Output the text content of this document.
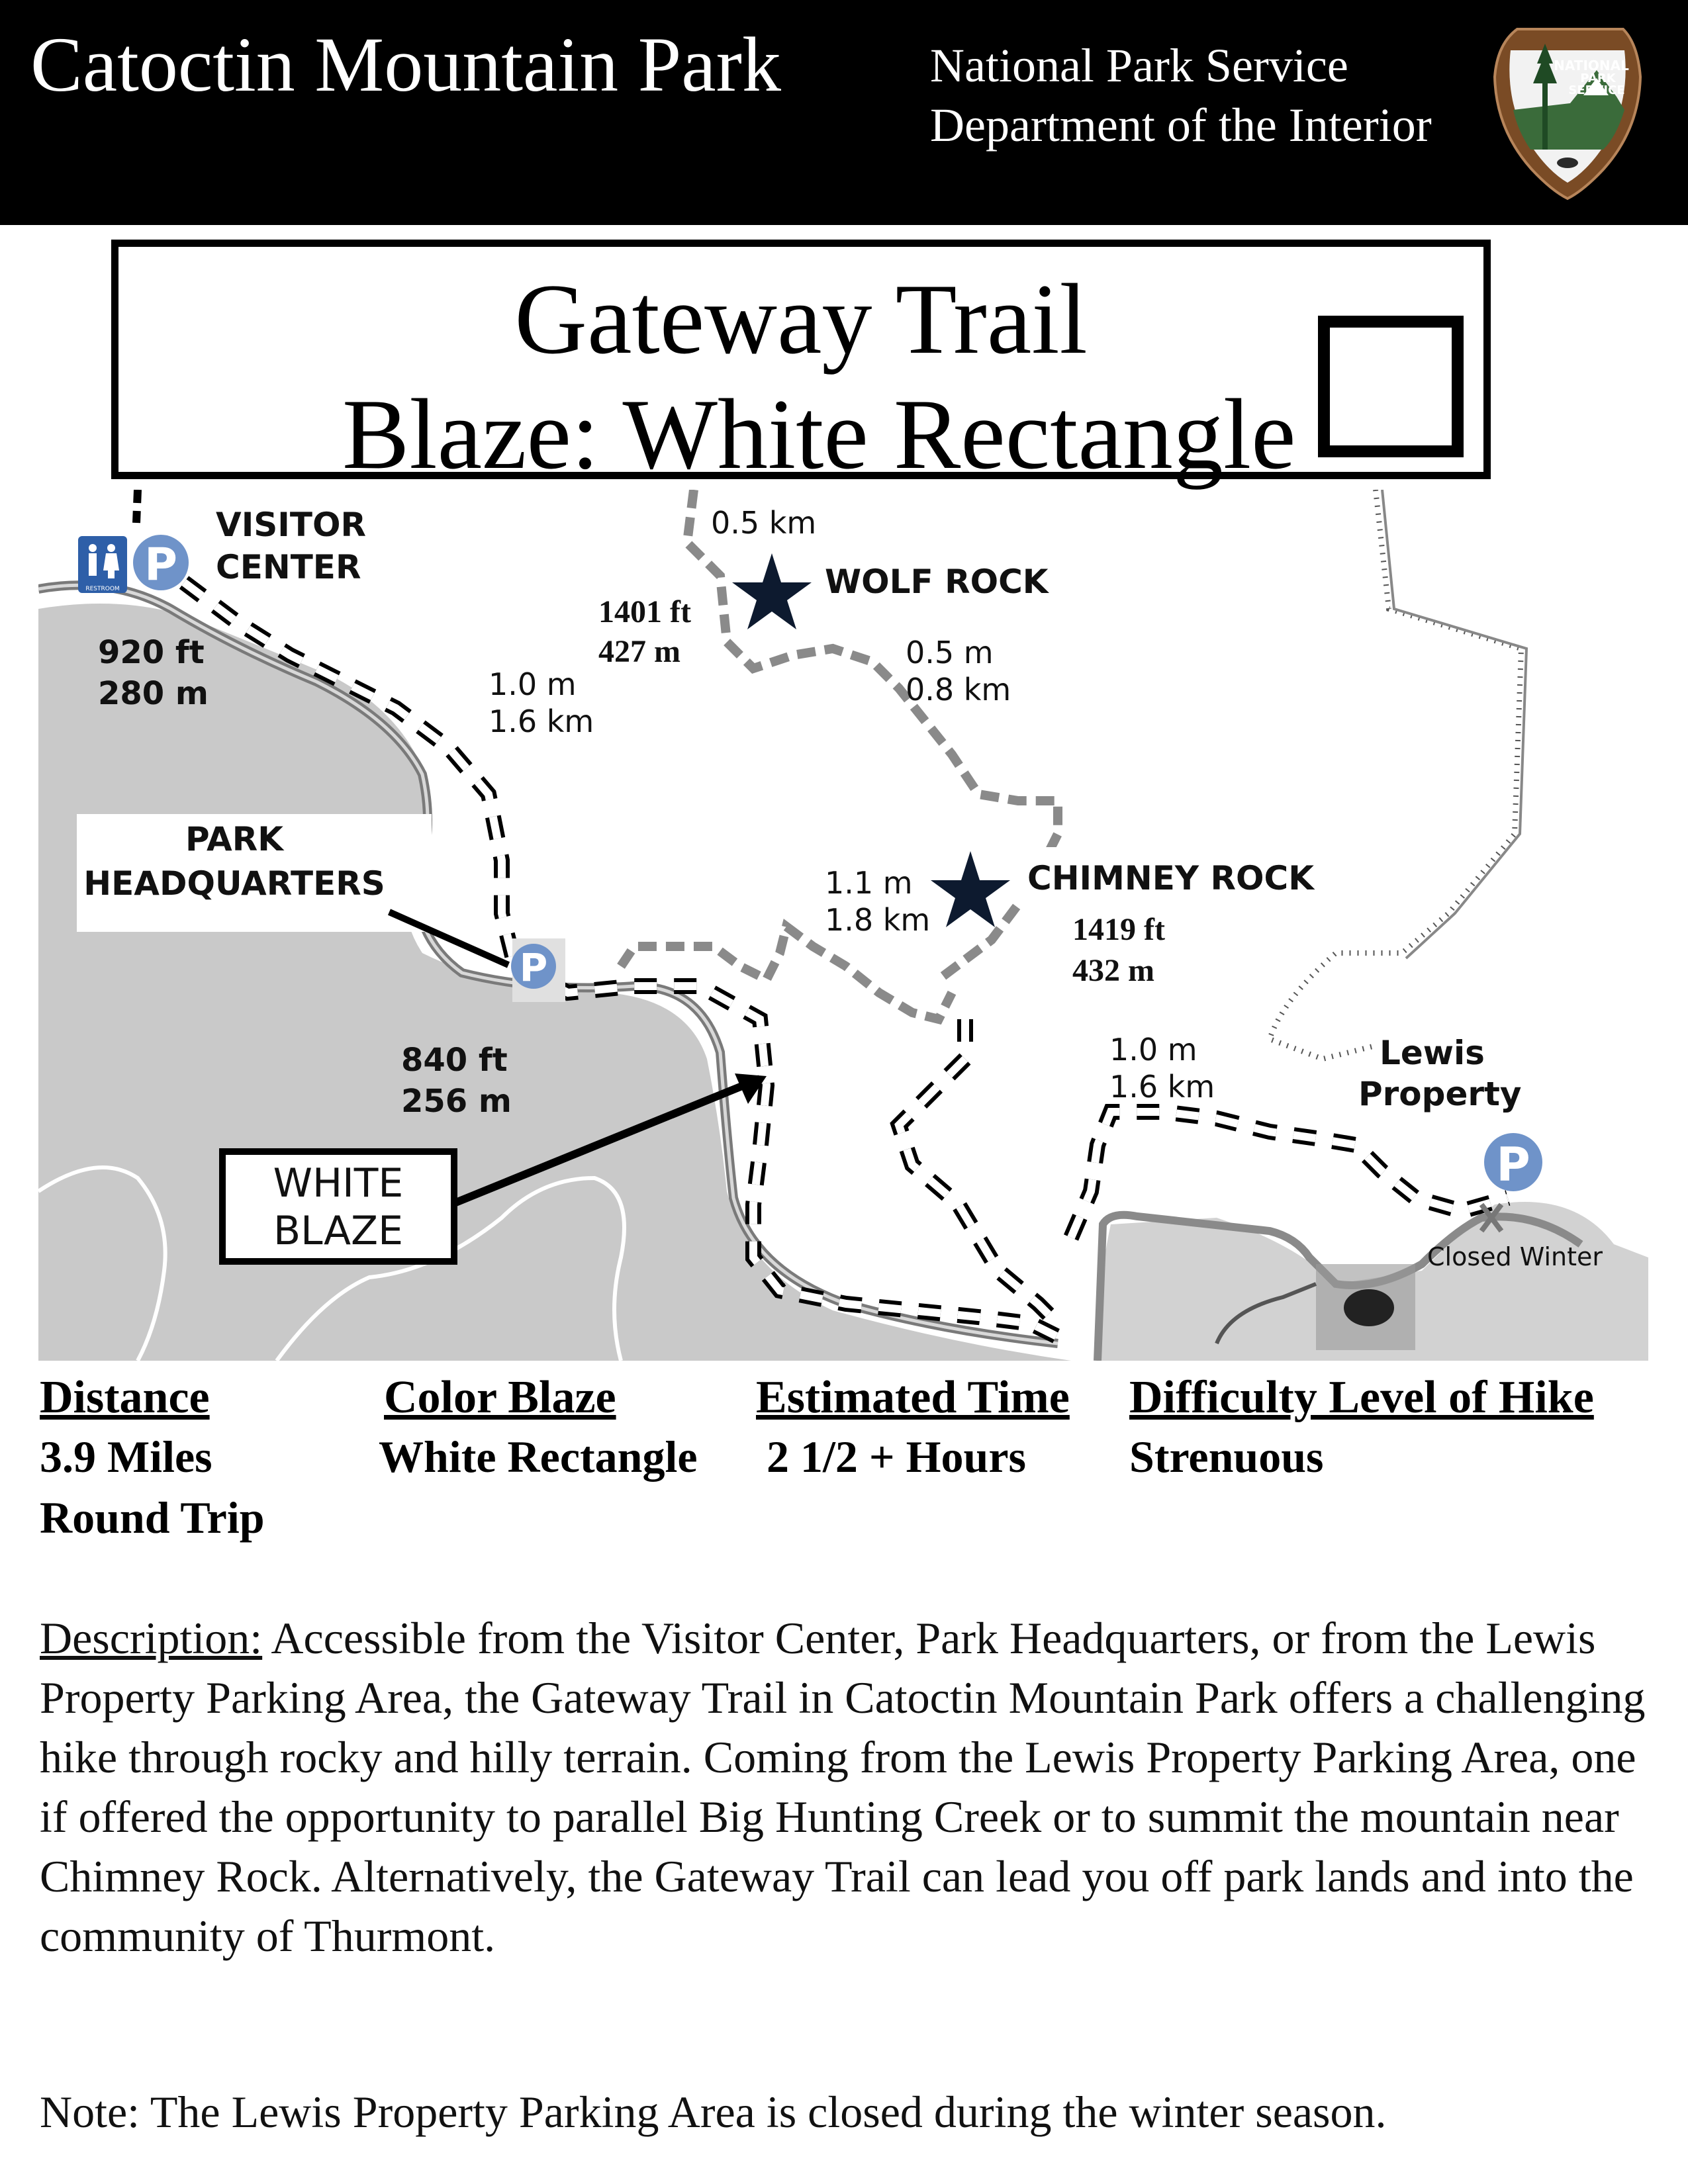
Catoctin Mountain Park	National Park Service
Department of the Interior
NATIONAL
PARK
SERVICE
Gateway Trail
Blaze: White Rectangle
RESTROOM P
P
P
PARK
HEADQUARTERS
WHITE
BLAZE
VISITOR
CENTER
920 ft
280 m
1401 ft
427 m
1419 ft
432 m
840 ft
256 m
WOLF ROCK
CHIMNEY ROCK
Lewis
Property
Closed Winter
0.5 km
0.5 m
0.8 km
1.0 m
1.6 km
1.1 m
1.8 km
1.0 m
1.6 km
Distance
3.9 Miles
Round Trip
Color Blaze
White Rectangle
Estimated Time
2 1/2 + Hours
Difficulty Level of Hike
Strenuous
Description: Accessible from the Visitor Center, Park Headquarters, or from the Lewis Property Parking Area, the Gateway Trail in Catoctin Mountain Park offers a challenging hike through rocky and hilly terrain. Coming from the Lewis Property Parking Area, one if offered the opportunity to parallel Big Hunting Creek or to summit the mountain near Chimney Rock. Alternatively, the Gateway Trail can lead you off park lands and into the community of Thurmont.
Note: The Lewis Property Parking Area is closed during the winter season.
